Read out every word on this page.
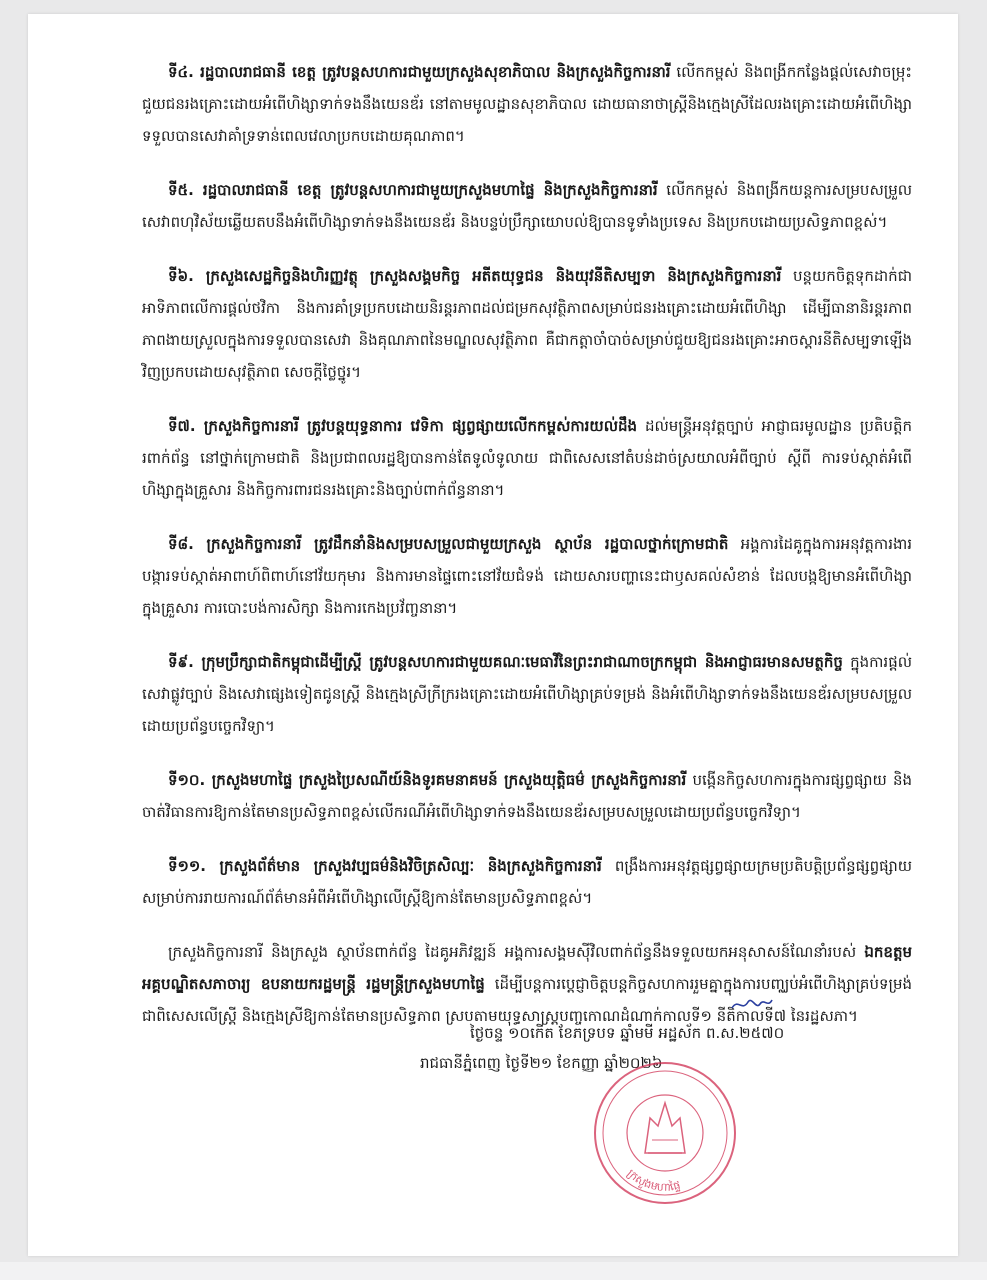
ទី៤. រដ្ឋបាលរាជធានី ខេត្ត ត្រូវបន្តសហការជាមួយក្រសួងសុខាភិបាល និងក្រសួងកិច្ចការនារី លើកកម្ពស់ និងពង្រីកកន្លែងផ្តល់សេវាចម្រុះ ជួយជនរងគ្រោះដោយអំពើហិង្សាទាក់ទងនឹងយេនឌ័រ នៅតាមមូលដ្ឋានសុខាភិបាល ដោយធានាថាស្ត្រីនិងក្មេងស្រីដែលរងគ្រោះដោយអំពើហិង្សាទទួលបានសេវាគាំទ្រទាន់ពេលវេលាប្រកបដោយគុណភាព។

ទី៥. រដ្ឋបាលរាជធានី ខេត្ត ត្រូវបន្តសហការជាមួយក្រសួងមហាផ្ទៃ និងក្រសួងកិច្ចការនារី លើកកម្ពស់ និងពង្រីកយន្តការសម្របសម្រួលសេវាពហុវិស័យឆ្លើយតបនឹងអំពើហិង្សាទាក់ទងនឹងយេនឌ័រ និងបន្ទប់ប្រឹក្សាយោបល់ឱ្យបានទូទាំងប្រទេស និងប្រកបដោយប្រសិទ្ធភាពខ្ពស់។

ទី៦. ក្រសួងសេដ្ឋកិច្ចនិងហិរញ្ញវត្ថុ ក្រសួងសង្គមកិច្ច អតីតយុទ្ធជន និងយុវនីតិសម្បទា និងក្រសួងកិច្ចការនារី បន្តយកចិត្តទុកដាក់ជាអាទិភាពលើការផ្តល់ថវិកា និងការគាំទ្រប្រកបដោយនិរន្តរភាពដល់ជម្រកសុវត្ថិភាពសម្រាប់ជនរងគ្រោះដោយអំពើហិង្សា ដើម្បីធានានិរន្តរភាព ភាពងាយស្រួលក្នុងការទទួលបានសេវា និងគុណភាពនៃមណ្ឌលសុវត្ថិភាព គឺជាកត្តាចាំបាច់សម្រាប់ជួយឱ្យជនរងគ្រោះអាចស្តារនីតិសម្បទាឡើងវិញប្រកបដោយសុវត្ថិភាព សេចក្តីថ្លៃថ្នូរ។

ទី៧. ក្រសួងកិច្ចការនារី ត្រូវបន្តយុទ្ធនាការ វេទិកា ផ្សព្វផ្សាយលើកកម្ពស់ការយល់ដឹង ដល់មន្ត្រីអនុវត្តច្បាប់ អាជ្ញាធរមូលដ្ឋាន ប្រតិបត្តិករពាក់ព័ន្ធ នៅថ្នាក់ក្រោមជាតិ និងប្រជាពលរដ្ឋឱ្យបានកាន់តែទូលំទូលាយ ជាពិសេសនៅតំបន់ដាច់ស្រយាលអំពីច្បាប់ ស្តីពី ការទប់ស្កាត់អំពើហិង្សាក្នុងគ្រួសារ និងកិច្ចការពារជនរងគ្រោះនិងច្បាប់ពាក់ព័ន្ធនានា។

ទី៨. ក្រសួងកិច្ចការនារី ត្រូវដឹកនាំនិងសម្របសម្រួលជាមួយក្រសួង ស្ថាប័ន រដ្ឋបាលថ្នាក់ក្រោមជាតិ អង្គការដៃគូក្នុងការអនុវត្តការងារបង្ការទប់ស្កាត់អាពាហ៍ពិពាហ៍នៅវ័យកុមារ និងការមានផ្ទៃពោះនៅវ័យជំទង់ ដោយសារបញ្ហានេះជាឫសគល់សំខាន់ ដែលបង្កឱ្យមានអំពើហិង្សាក្នុងគ្រួសារ ការបោះបង់ការសិក្សា និងការកេងប្រវ័ញ្ចនានា។

ទី៩. ក្រុមប្រឹក្សាជាតិកម្ពុជាដើម្បីស្ត្រី ត្រូវបន្តសហការជាមួយគណៈមេធាវីនៃព្រះរាជាណាចក្រកម្ពុជា និងអាជ្ញាធរមានសមត្ថកិច្ច ក្នុងការផ្តល់សេវាផ្លូវច្បាប់ និងសេវាផ្សេងទៀតជូនស្ត្រី និងក្មេងស្រីក្រីក្ររងគ្រោះដោយអំពើហិង្សាគ្រប់ទម្រង់ និងអំពើហិង្សាទាក់ទងនឹងយេនឌ័រសម្របសម្រួលដោយប្រព័ន្ធបច្ចេកវិទ្យា។

ទី១០. ក្រសួងមហាផ្ទៃ ក្រសួងប្រៃសណីយ៍និងទូរគមនាគមន៍ ក្រសួងយុត្តិធម៌ ក្រសួងកិច្ចការនារី បង្កើនកិច្ចសហការក្នុងការផ្សព្វផ្សាយ និងចាត់វិធានការឱ្យកាន់តែមានប្រសិទ្ធភាពខ្ពស់លើករណីអំពើហិង្សាទាក់ទងនឹងយេនឌ័រសម្របសម្រួលដោយប្រព័ន្ធបច្ចេកវិទ្យា។

ទី១១. ក្រសួងព័ត៌មាន ក្រសួងវប្បធម៌និងវិចិត្រសិល្បៈ និងក្រសួងកិច្ចការនារី ពង្រឹងការអនុវត្តផ្សព្វផ្សាយក្រមប្រតិបត្តិប្រព័ន្ធផ្សព្វផ្សាយ សម្រាប់ការរាយការណ៍ព័ត៌មានអំពីអំពើហិង្សាលើស្ត្រីឱ្យកាន់តែមានប្រសិទ្ធភាពខ្ពស់។

ក្រសួងកិច្ចការនារី និងក្រសួង ស្ថាប័នពាក់ព័ន្ធ ដៃគូអភិវឌ្ឍន៍ អង្គការសង្គមស៊ីវិលពាក់ព័ន្ធនឹងទទួលយកអនុសាសន៍ណែនាំរបស់ ឯកឧត្តមអគ្គបណ្ឌិតសភាចារ្យ ឧបនាយករដ្ឋមន្ត្រី រដ្ឋមន្ត្រីក្រសួងមហាផ្ទៃ ដើម្បីបន្តការប្តេជ្ញាចិត្តបន្តកិច្ចសហការរួមគ្នាក្នុងការបញ្ឈប់អំពើហិង្សាគ្រប់ទម្រង់ ជាពិសេសលើស្ត្រី និងក្មេងស្រីឱ្យកាន់តែមានប្រសិទ្ធភាព ស្របតាមយុទ្ធសាស្ត្របញ្ចកោណដំណាក់កាលទី១ នីតិកាលទី៧ នៃរដ្ឋសភា។

ថ្ងៃចន្ទ ១០កើត ខែភទ្របទ ឆ្នាំមមី អដ្ឋស័ក ព.ស.២៥៧០
រាជធានីភ្នំពេញ ថ្ងៃទី២១ ខែកញ្ញា ឆ្នាំ២០២៦
ក្រសួងមហាផ្ទៃ
